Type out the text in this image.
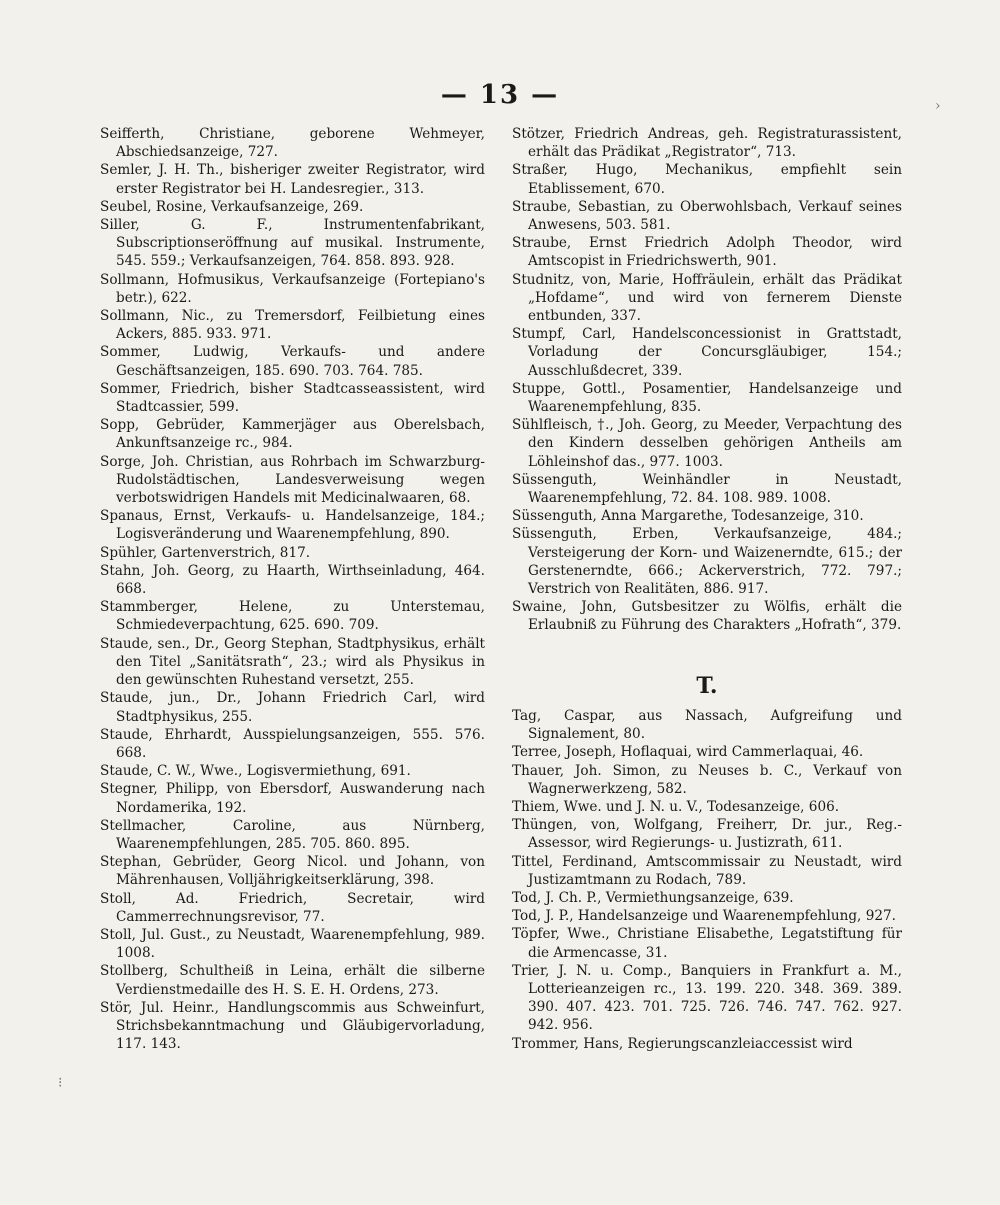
— 13 —
Seifferth, Christiane, geborene Wehmeyer, Abschiedsanzeige, 727.
Semler, J. H. Th., bisheriger zweiter Registrator, wird erster Registrator bei H. Landesregier., 313.
Seubel, Rosine, Verkaufsanzeige, 269.
Siller, G. F., Instrumentenfabrikant, Subscriptionseröffnung auf musikal. Instrumente, 545. 559.; Verkaufsanzeigen, 764. 858. 893. 928.
Sollmann, Hofmusikus, Verkaufsanzeige (Fortepiano's betr.), 622.
Sollmann, Nic., zu Tremersdorf, Feilbietung eines Ackers, 885. 933. 971.
Sommer, Ludwig, Verkaufs- und andere Geschäftsanzeigen, 185. 690. 703. 764. 785.
Sommer, Friedrich, bisher Stadtcasseassistent, wird Stadtcassier, 599.
Sopp, Gebrüder, Kammerjäger aus Oberelsbach, Ankunftsanzeige rc., 984.
Sorge, Joh. Christian, aus Rohrbach im Schwarzburg-Rudolstädtischen, Landesverweisung wegen verbotswidrigen Handels mit Medicinalwaaren, 68.
Spanaus, Ernst, Verkaufs- u. Handelsanzeige, 184.; Logisveränderung und Waarenempfehlung, 890.
Spühler, Gartenverstrich, 817.
Stahn, Joh. Georg, zu Haarth, Wirthseinladung, 464. 668.
Stammberger, Helene, zu Unterstemau, Schmiedeverpachtung, 625. 690. 709.
Staude, sen., Dr., Georg Stephan, Stadtphysikus, erhält den Titel „Sanitätsrath“, 23.; wird als Physikus in den gewünschten Ruhestand versetzt, 255.
Staude, jun., Dr., Johann Friedrich Carl, wird Stadtphysikus, 255.
Staude, Ehrhardt, Ausspielungsanzeigen, 555. 576. 668.
Staude, C. W., Wwe., Logisvermiethung, 691.
Stegner, Philipp, von Ebersdorf, Auswanderung nach Nordamerika, 192.
Stellmacher, Caroline, aus Nürnberg, Waarenempfehlungen, 285. 705. 860. 895.
Stephan, Gebrüder, Georg Nicol. und Johann, von Mährenhausen, Volljährigkeitserklärung, 398.
Stoll, Ad. Friedrich, Secretair, wird Cammerrechnungsrevisor, 77.
Stoll, Jul. Gust., zu Neustadt, Waarenempfehlung, 989. 1008.
Stollberg, Schultheiß in Leina, erhält die silberne Verdienstmedaille des H. S. E. H. Ordens, 273.
Stör, Jul. Heinr., Handlungscommis aus Schweinfurt, Strichsbekanntmachung und Gläubigervorladung, 117. 143.
Stötzer, Friedrich Andreas, geh. Registraturassistent, erhält das Prädikat „Registrator“, 713.
Straßer, Hugo, Mechanikus, empfiehlt sein Etablissement, 670.
Straube, Sebastian, zu Oberwohlsbach, Verkauf seines Anwesens, 503. 581.
Straube, Ernst Friedrich Adolph Theodor, wird Amtscopist in Friedrichswerth, 901.
Studnitz, von, Marie, Hoffräulein, erhält das Prädikat „Hofdame“, und wird von fernerem Dienste entbunden, 337.
Stumpf, Carl, Handelsconcessionist in Grattstadt, Vorladung der Concursgläubiger, 154.; Ausschlußdecret, 339.
Stuppe, Gottl., Posamentier, Handelsanzeige und Waarenempfehlung, 835.
Sühlfleisch, †., Joh. Georg, zu Meeder, Verpachtung des den Kindern desselben gehörigen Antheils am Löhleinshof das., 977. 1003.
Süssenguth, Weinhändler in Neustadt, Waarenempfehlung, 72. 84. 108. 989. 1008.
Süssenguth, Anna Margarethe, Todesanzeige, 310.
Süssenguth, Erben, Verkaufsanzeige, 484.; Versteigerung der Korn- und Waizenerndte, 615.; der Gerstenerndte, 666.; Ackerverstrich, 772. 797.; Verstrich von Realitäten, 886. 917.
Swaine, John, Gutsbesitzer zu Wölfis, erhält die Erlaubniß zu Führung des Charakters „Hofrath“, 379.
T.
Tag, Caspar, aus Nassach, Aufgreifung und Signalement, 80.
Terree, Joseph, Hoflaquai, wird Cammerlaquai, 46.
Thauer, Joh. Simon, zu Neuses b. C., Verkauf von Wagnerwerkzeng, 582.
Thiem, Wwe. und J. N. u. V., Todesanzeige, 606.
Thüngen, von, Wolfgang, Freiherr, Dr. jur., Reg.-Assessor, wird Regierungs- u. Justizrath, 611.
Tittel, Ferdinand, Amtscommissair zu Neustadt, wird Justizamtmann zu Rodach, 789.
Tod, J. Ch. P., Vermiethungsanzeige, 639.
Tod, J. P., Handelsanzeige und Waarenempfehlung, 927.
Töpfer, Wwe., Christiane Elisabethe, Legatstiftung für die Armencasse, 31.
Trier, J. N. u. Comp., Banquiers in Frankfurt a. M., Lotterieanzeigen rc., 13. 199. 220. 348. 369. 389. 390. 407. 423. 701. 725. 726. 746. 747. 762. 927. 942. 956.
Trommer, Hans, Regierungscanzleiaccessist wird
›
⁝
